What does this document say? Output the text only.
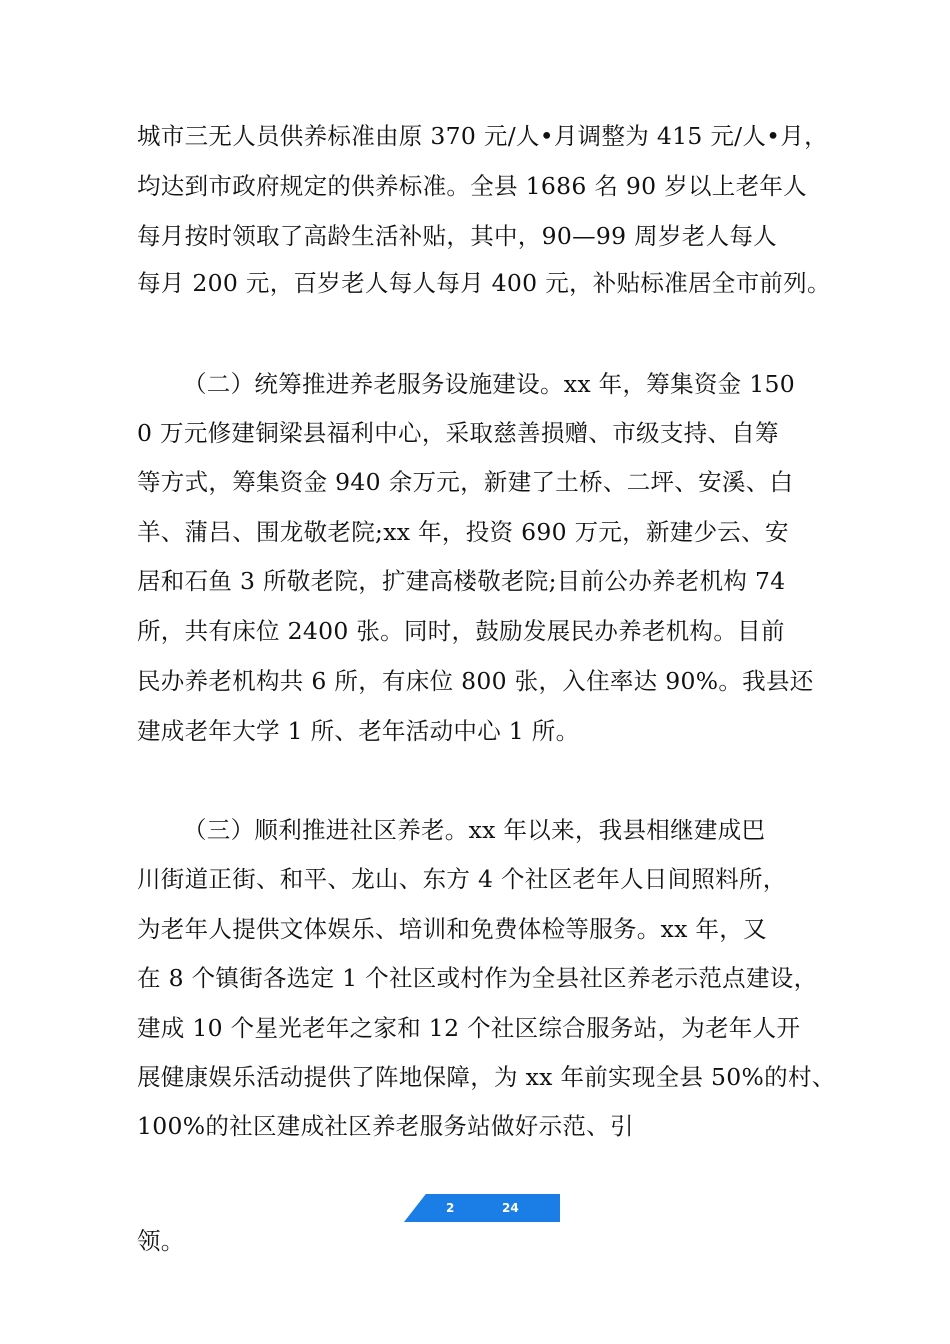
城市三无人员供养标准由原 370 元/人•月调整为 415 元/人•月，
均达到市政府规定的供养标准。全县 1686 名 90 岁以上老年人
每月按时领取了高龄生活补贴，其中，90—99 周岁老人每人
每月 200 元，百岁老人每人每月 400 元，补贴标准居全市前列。
（二）统筹推进养老服务设施建设。xx 年，筹集资金 150
0 万元修建铜梁县福利中心，采取慈善损赠、市级支持、自筹
等方式，筹集资金 940 余万元，新建了土桥、二坪、安溪、白
羊、蒲吕、围龙敬老院;xx 年，投资 690 万元，新建少云、安
居和石鱼 3 所敬老院，扩建高楼敬老院;目前公办养老机构 74
所，共有床位 2400 张。同时，鼓励发展民办养老机构。目前
民办养老机构共 6 所，有床位 800 张，入住率达 90%。我县还
建成老年大学 1 所、老年活动中心 1 所。
（三）顺利推进社区养老。xx 年以来，我县相继建成巴
川街道正街、和平、龙山、东方 4 个社区老年人日间照料所，
为老年人提供文体娱乐、培训和免费体检等服务。xx 年，又
在 8 个镇街各选定 1 个社区或村作为全县社区养老示范点建设，
建成 10 个星光老年之家和 12 个社区综合服务站，为老年人开
展健康娱乐活动提供了阵地保障，为 xx 年前实现全县 50%的村、
100%的社区建成社区养老服务站做好示范、引
2	24
领。
